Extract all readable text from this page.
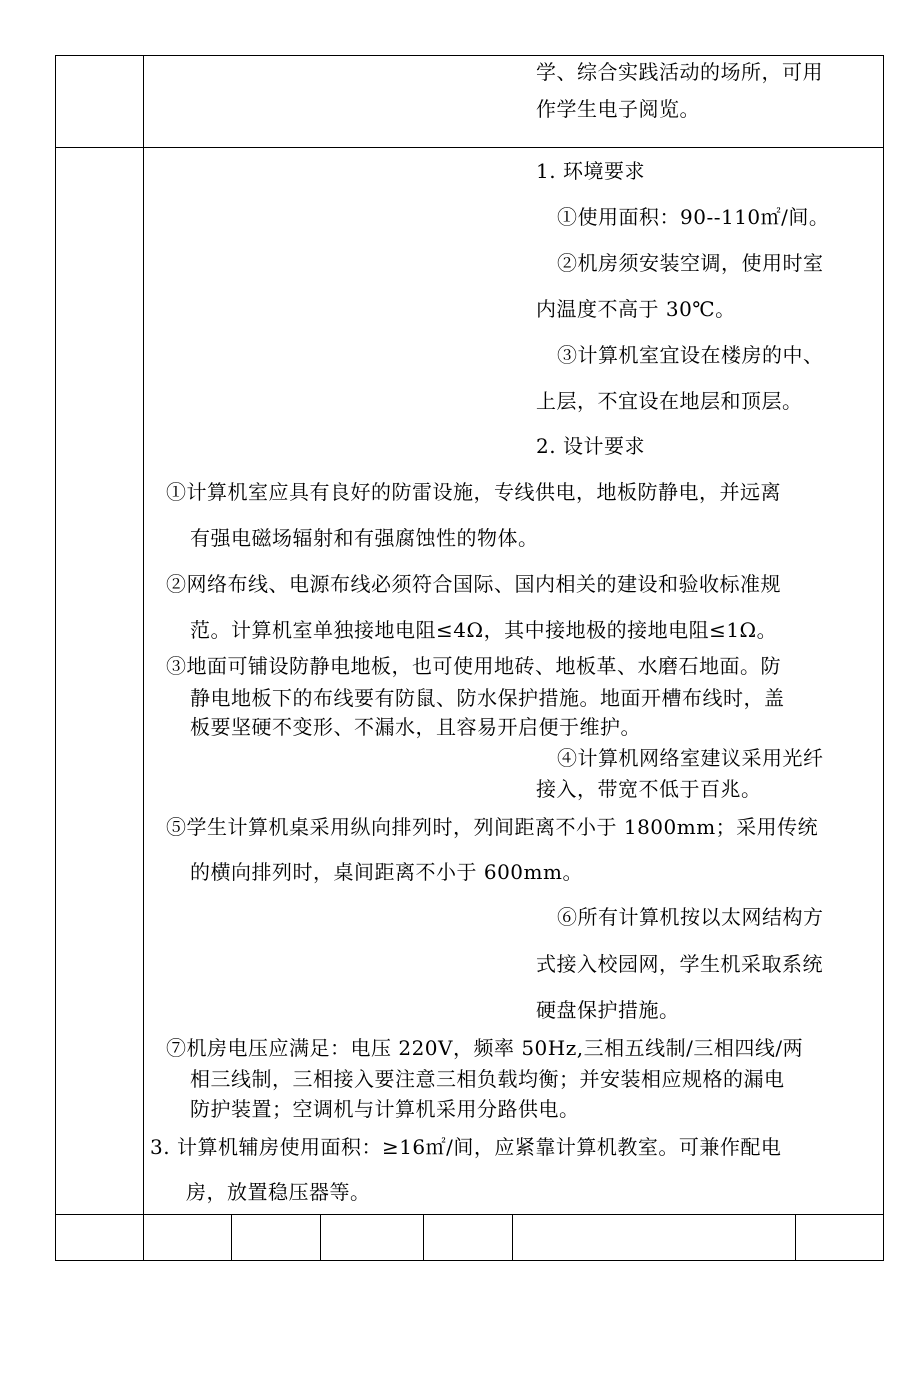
学、综合实践活动的场所，可用
作学生电子阅览。
1. 环境要求
①使用面积：90--110㎡/间。
②机房须安装空调，使用时室
内温度不高于 30℃。
③计算机室宜设在楼房的中、
上层，不宜设在地层和顶层。
2. 设计要求
①计算机室应具有良好的防雷设施，专线供电，地板防静电，并远离
有强电磁场辐射和有强腐蚀性的物体。
②网络布线、电源布线必须符合国际、国内相关的建设和验收标准规
范。计算机室单独接地电阻≤4Ω，其中接地极的接地电阻≤1Ω。
③地面可铺设防静电地板，也可使用地砖、地板革、水磨石地面。防
静电地板下的布线要有防鼠、防水保护措施。地面开槽布线时，盖
板要坚硬不变形、不漏水，且容易开启便于维护。
④计算机网络室建议采用光纤
接入，带宽不低于百兆。
⑤学生计算机桌采用纵向排列时，列间距离不小于 1800mm；采用传统
的横向排列时，桌间距离不小于 600mm。
⑥所有计算机按以太网结构方
式接入校园网，学生机采取系统
硬盘保护措施。
⑦机房电压应满足：电压 220V，频率 50Hz,三相五线制/三相四线/两
相三线制，三相接入要注意三相负载均衡；并安装相应规格的漏电
防护装置；空调机与计算机采用分路供电。
3. 计算机辅房使用面积：≥16㎡/间，应紧靠计算机教室。可兼作配电
房，放置稳压器等。
